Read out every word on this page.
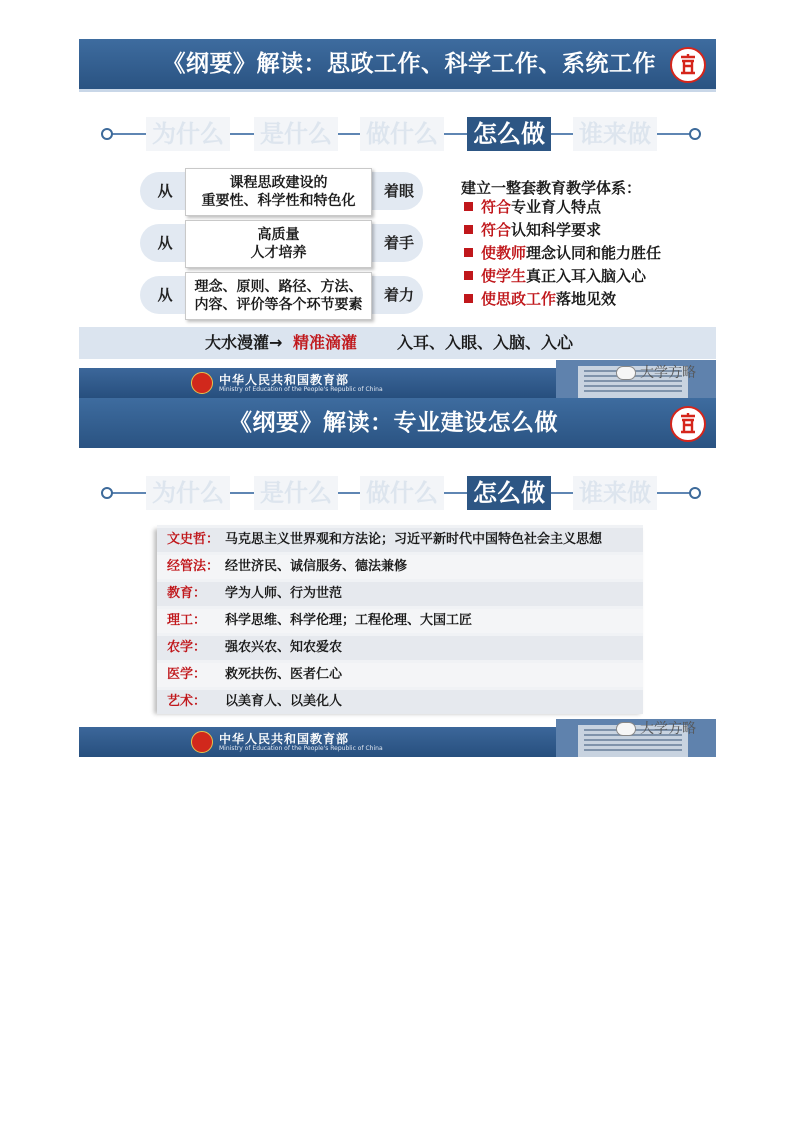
《纲要》解读：思政工作、科学工作、系统工作
为什么 是什么 做什么 怎么做 谁来做
从	课程思政建设的
重要性、科学性和特色化
着眼
从	高质量
人才培养
着手
从	理念、原则、路径、方法、
内容、评价等各个环节要素
着力
建立一整套教育教学体系：
符合专业育人特点
符合认知科学要求
使教师理念认同和能力胜任
使学生真正入耳入脑入心
使思政工作落地见效
大水漫灌→ 精准滴灌 入耳、入眼、入脑、入心
大学方略
中华人民共和国教育部
Ministry of Education of the People's Republic of China
《纲要》解读：专业建设怎么做
为什么 是什么 做什么 怎么做 谁来做
文史哲： 马克思主义世界观和方法论；习近平新时代中国特色社会主义思想
经管法： 经世济民、诚信服务、德法兼修
教育： 学为人师、行为世范
理工： 科学思维、科学伦理；工程伦理、大国工匠
农学： 强农兴农、知农爱农
医学： 救死扶伤、医者仁心
艺术： 以美育人、以美化人
大学方略
中华人民共和国教育部
Ministry of Education of the People's Republic of China
